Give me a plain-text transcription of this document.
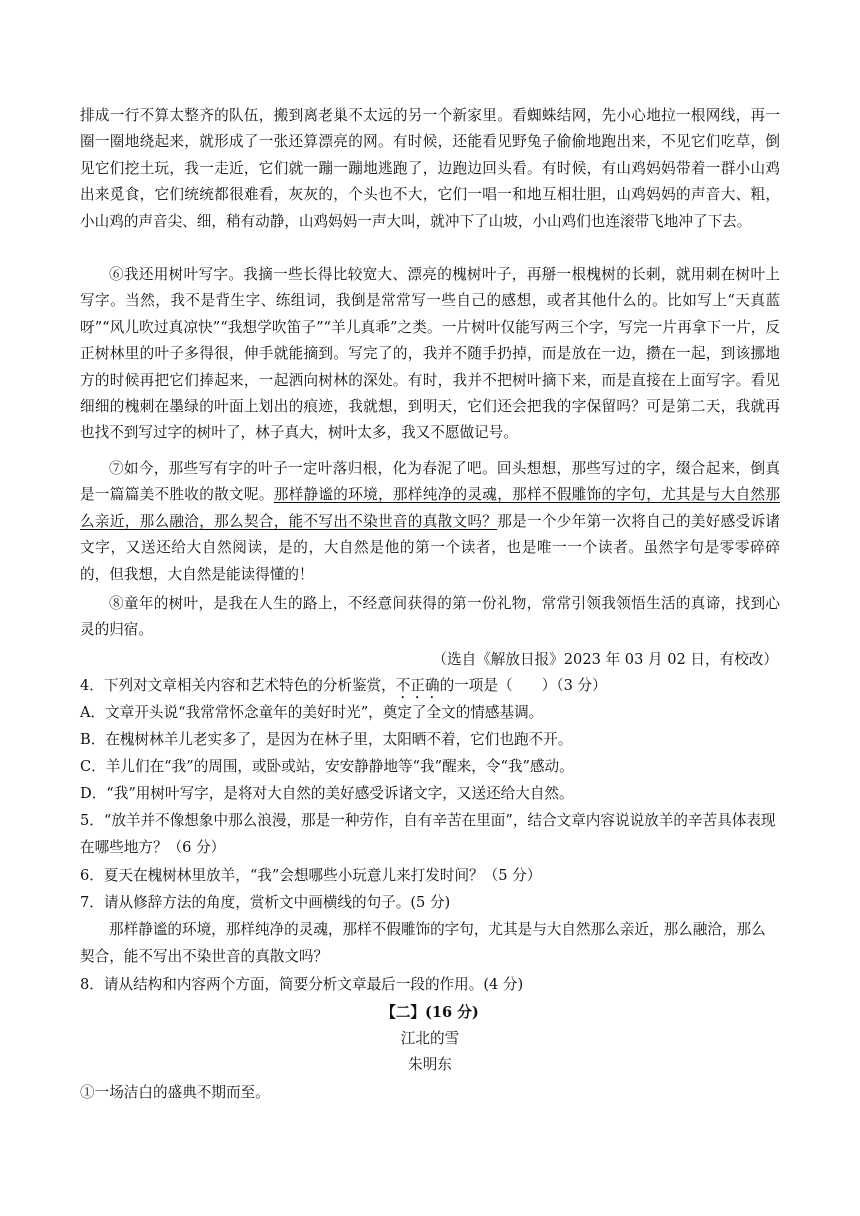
排成一行不算太整齐的队伍，搬到离老巢不太远的另一个新家里。看蜘蛛结网，先小心地拉一根网线，再一圈一圈地绕起来，就形成了一张还算漂亮的网。有时候，还能看见野兔子偷偷地跑出来，不见它们吃草，倒见它们挖土玩，我一走近，它们就一蹦一蹦地逃跑了，边跑边回头看。有时候，有山鸡妈妈带着一群小山鸡出来觅食，它们统统都很难看，灰灰的，个头也不大，它们一唱一和地互相壮胆，山鸡妈妈的声音大、粗，小山鸡的声音尖、细，稍有动静，山鸡妈妈一声大叫，就冲下了山坡，小山鸡们也连滚带飞地冲了下去。

⑥我还用树叶写字。我摘一些长得比较宽大、漂亮的槐树叶子，再掰一根槐树的长刺，就用刺在树叶上写字。当然，我不是背生字、练组词，我倒是常常写一些自己的感想，或者其他什么的。比如写上“天真蓝呀”“风儿吹过真凉快”“我想学吹笛子”“羊儿真乖”之类。一片树叶仅能写两三个字，写完一片再拿下一片，反正树林里的叶子多得很，伸手就能摘到。写完了的，我并不随手扔掉，而是放在一边，攒在一起，到该挪地方的时候再把它们捧起来，一起洒向树林的深处。有时，我并不把树叶摘下来，而是直接在上面写字。看见细细的槐刺在墨绿的叶面上划出的痕迹，我就想，到明天，它们还会把我的字保留吗？可是第二天，我就再也找不到写过字的树叶了，林子真大，树叶太多，我又不愿做记号。

⑦如今，那些写有字的叶子一定叶落归根，化为春泥了吧。回头想想，那些写过的字，缀合起来，倒真是一篇篇美不胜收的散文呢。那样静谧的环境，那样纯净的灵魂，那样不假雕饰的字句，尤其是与大自然那么亲近，那么融洽，那么契合，能不写出不染世音的真散文吗？那是一个少年第一次将自己的美好感受诉诸文字，又送还给大自然阅读，是的，大自然是他的第一个读者，也是唯一一个读者。虽然字句是零零碎碎的，但我想，大自然是能读得懂的！

⑧童年的树叶，是我在人生的路上，不经意间获得的第一份礼物，常常引领我领悟生活的真谛，找到心灵的归宿。

（选自《解放日报》2023 年 03 月 02 日，有校改）

4．下列对文章相关内容和艺术特色的分析鉴赏，不正确的一项是（　　）（3 分）

A．文章开头说“我常常怀念童年的美好时光”，奠定了全文的情感基调。

B．在槐树林羊儿老实多了，是因为在林子里，太阳晒不着，它们也跑不开。

C．羊儿们在“我”的周围，或卧或站，安安静静地等“我”醒来，令“我”感动。

D．“我”用树叶写字，是将对大自然的美好感受诉诸文字，又送还给大自然。

5．“放羊并不像想象中那么浪漫，那是一种劳作，自有辛苦在里面”，结合文章内容说说放羊的辛苦具体表现在哪些地方？（6 分）

6．夏天在槐树林里放羊，“我”会想哪些小玩意儿来打发时间？（5 分）

7．请从修辞方法的角度，赏析文中画横线的句子。(5 分)

那样静谧的环境，那样纯净的灵魂，那样不假雕饰的字句，尤其是与大自然那么亲近，那么融洽，那么契合，能不写出不染世音的真散文吗？

8．请从结构和内容两个方面，简要分析文章最后一段的作用。(4 分)

【二】(16 分)

江北的雪

朱明东

①一场洁白的盛典不期而至。
